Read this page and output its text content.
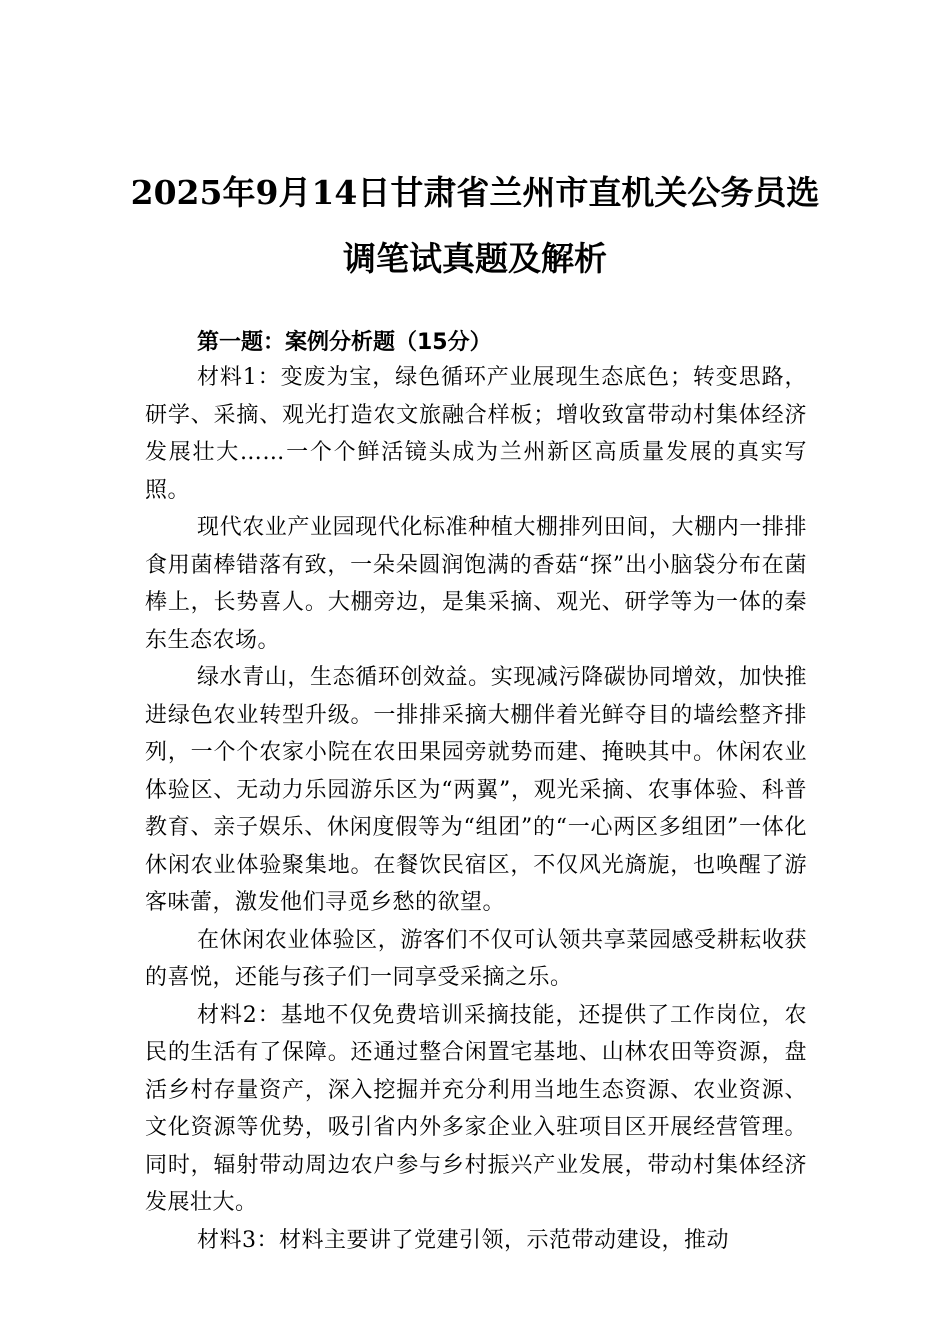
2025年9月14日甘肃省兰州市直机关公务员选调笔试真题及解析

第一题：案例分析题（15分）

材料1：变废为宝，绿色循环产业展现生态底色；转变思路，研学、采摘、观光打造农文旅融合样板；增收致富带动村集体经济发展壮大……一个个鲜活镜头成为兰州新区高质量发展的真实写照。

现代农业产业园现代化标准种植大棚排列田间，大棚内一排排食用菌棒错落有致，一朵朵圆润饱满的香菇“探”出小脑袋分布在菌棒上，长势喜人。大棚旁边，是集采摘、观光、研学等为一体的秦东生态农场。

绿水青山，生态循环创效益。实现减污降碳协同增效，加快推进绿色农业转型升级。一排排采摘大棚伴着光鲜夺目的墙绘整齐排列，一个个农家小院在农田果园旁就势而建、掩映其中。休闲农业体验区、无动力乐园游乐区为“两翼”，观光采摘、农事体验、科普教育、亲子娱乐、休闲度假等为“组团”的“一心两区多组团”一体化休闲农业体验聚集地。在餐饮民宿区，不仅风光旖旎，也唤醒了游客味蕾，激发他们寻觅乡愁的欲望。

在休闲农业体验区，游客们不仅可认领共享菜园感受耕耘收获的喜悦，还能与孩子们一同享受采摘之乐。

材料2：基地不仅免费培训采摘技能，还提供了工作岗位，农民的生活有了保障。还通过整合闲置宅基地、山林农田等资源，盘活乡村存量资产，深入挖掘并充分利用当地生态资源、农业资源、文化资源等优势，吸引省内外多家企业入驻项目区开展经营管理。同时，辐射带动周边农户参与乡村振兴产业发展，带动村集体经济发展壮大。

材料3：材料主要讲了党建引领，示范带动建设，推动
